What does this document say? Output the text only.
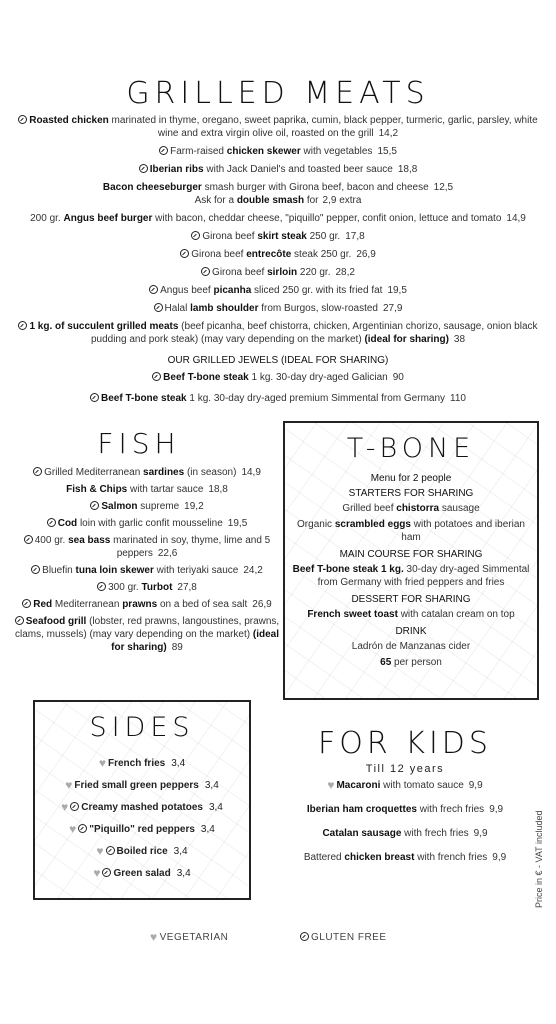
GRILLED MEATS
Roasted chicken marinated in thyme, oregano, sweet paprika, cumin, black pepper, turmeric, garlic, parsley, white wine and extra virgin olive oil, roasted on the grill 14,2
Farm-raised chicken skewer with vegetables 15,5
Iberian ribs with Jack Daniel's and toasted beer sauce 18,8
Bacon cheeseburger smash burger with Girona beef, bacon and cheese 12,5
Ask for a double smash for 2,9 extra
200 gr. Angus beef burger with bacon, cheddar cheese, "piquillo" pepper, confit onion, lettuce and tomato 14,9
Girona beef skirt steak 250 gr. 17,8
Girona beef entrecôte steak 250 gr. 26,9
Girona beef sirloin 220 gr. 28,2
Angus beef picanha sliced 250 gr. with its fried fat 19,5
Halal lamb shoulder from Burgos, slow-roasted 27,9
1 kg. of succulent grilled meats (beef picanha, beef chistorra, chicken, Argentinian chorizo, sausage, onion black pudding and pork steak) (may vary depending on the market) (ideal for sharing) 38
OUR GRILLED JEWELS (IDEAL FOR SHARING)
Beef T-bone steak 1 kg. 30-day dry-aged Galician 90
Beef T-bone steak 1 kg. 30-day dry-aged premium Simmental from Germany 110
FISH
Grilled Mediterranean sardines (in season) 14,9
Fish & Chips with tartar sauce 18,8
Salmon supreme 19,2
Cod loin with garlic confit mousseline 19,5
400 gr. sea bass marinated in soy, thyme, lime and 5 peppers 22,6
Bluefin tuna loin skewer with teriyaki sauce 24,2
300 gr. Turbot 27,8
Red Mediterranean prawns on a bed of sea salt 26,9
Seafood grill (lobster, red prawns, langoustines, prawns, clams, mussels) (may vary depending on the market) (ideal for sharing) 89
T-BONE
Menu for 2 people
STARTERS FOR SHARING
Grilled beef chistorra sausage
Organic scrambled eggs with potatoes and iberian ham
MAIN COURSE FOR SHARING
Beef T-bone steak 1 kg. 30-day dry-aged Simmental from Germany with fried peppers and fries
DESSERT FOR SHARING
French sweet toast with catalan cream on top
DRINK
Ladrón de Manzanas cider
65 per person
SIDES
♥ French fries 3,4
♥ Fried small green peppers 3,4
♥ Creamy mashed potatoes 3,4
♥ "Piquillo" red peppers 3,4
♥ Boiled rice 3,4
♥ Green salad 3,4
FOR KIDS
Till 12 years
♥ Macaroni with tomato sauce 9,9
Iberian ham croquettes with frech fries 9,9
Catalan sausage with frech fries 9,9
Battered chicken breast with french fries 9,9	Price in € - VAT included
♥ VEGETARIAN	GLUTEN FREE
